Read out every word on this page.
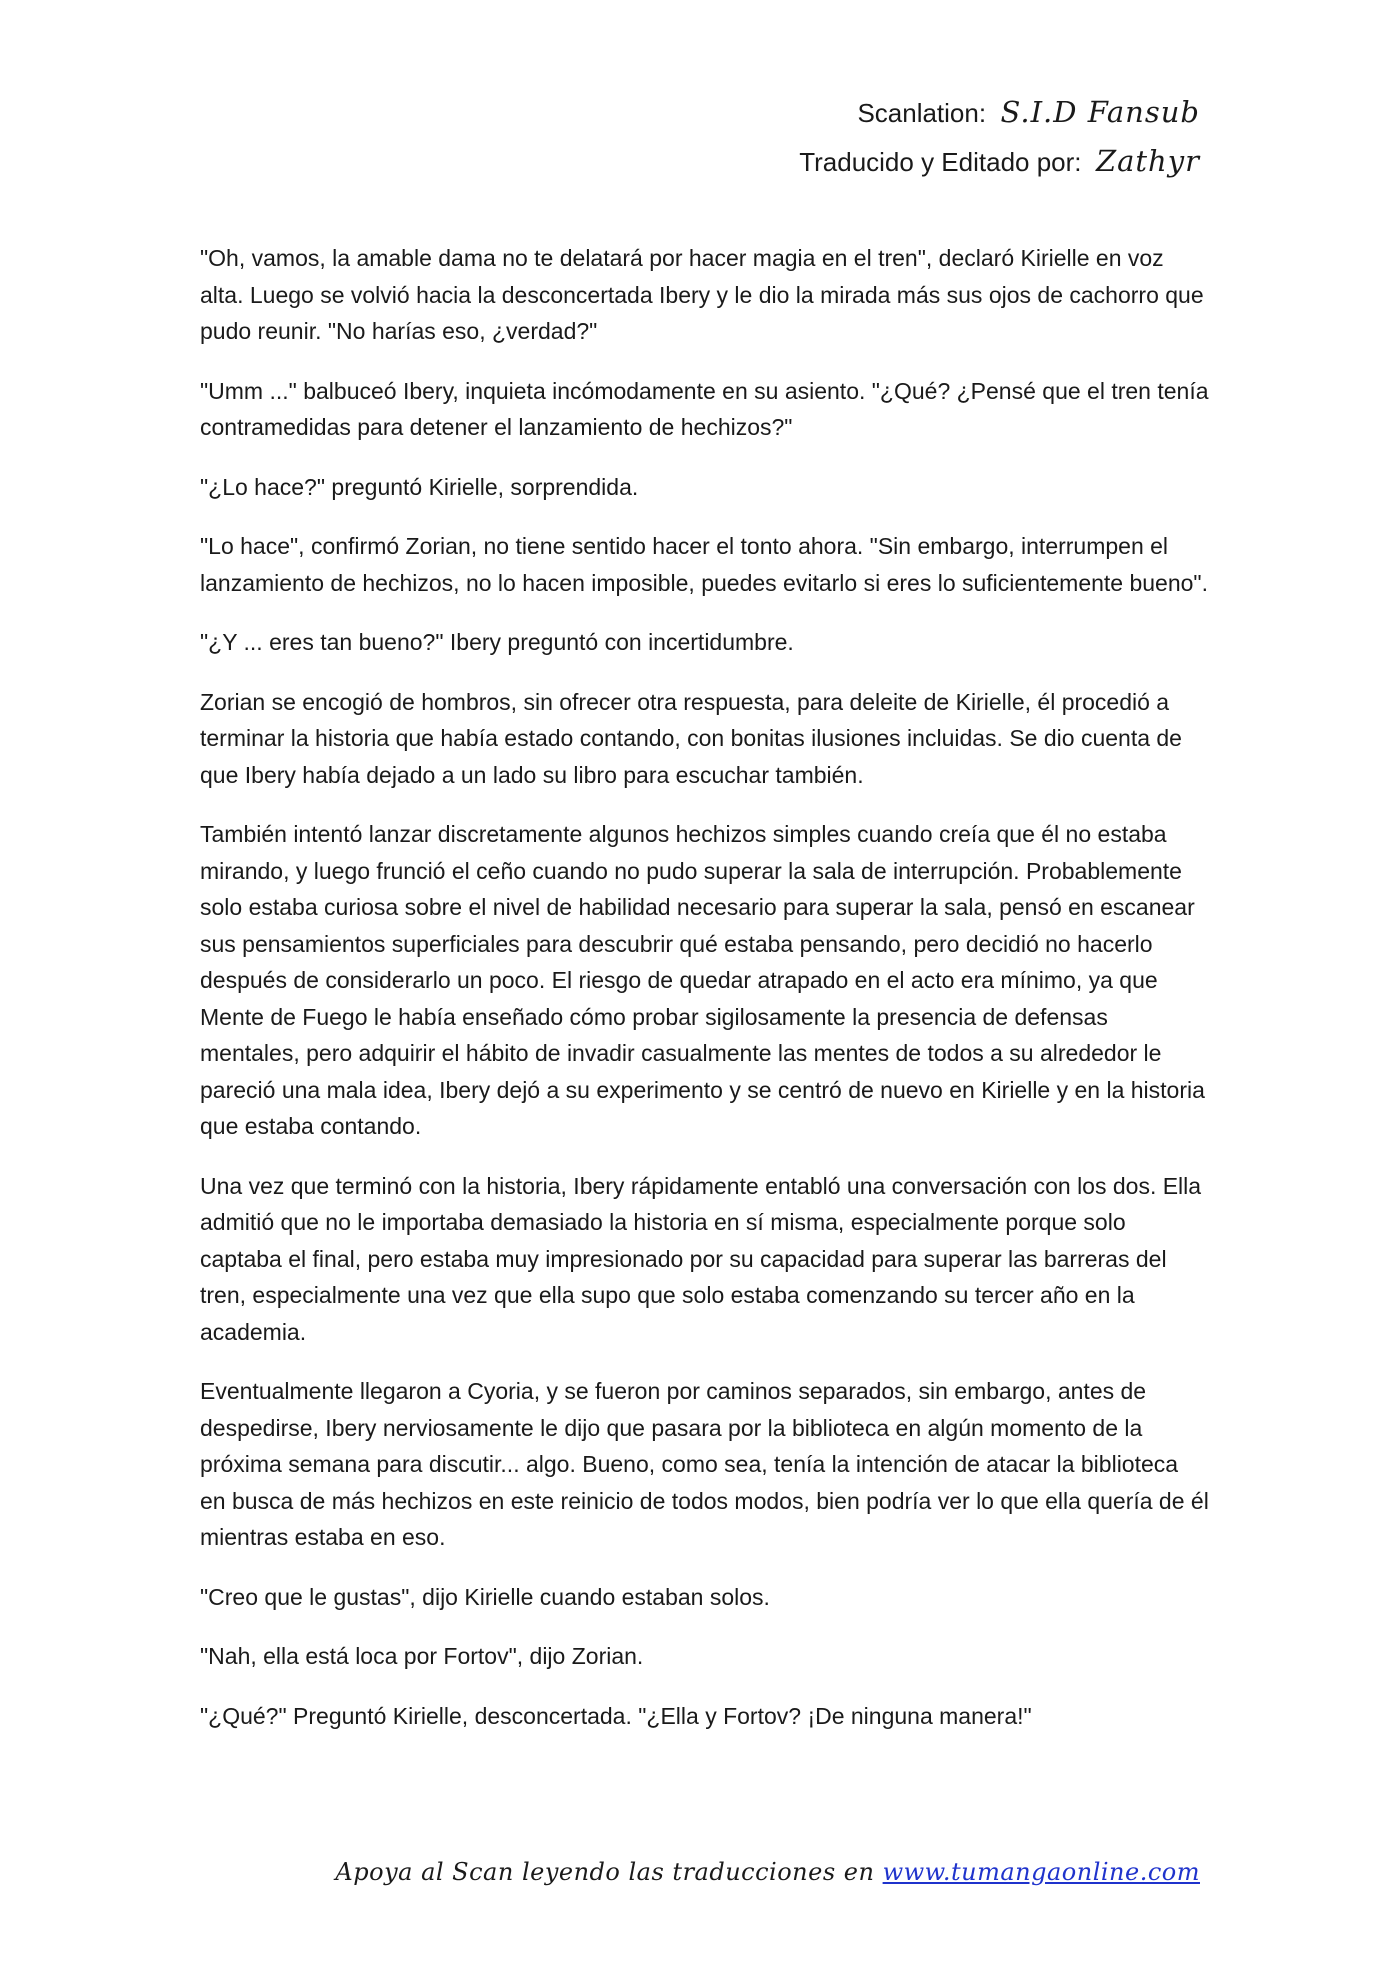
Scanlation: S.I.D Fansub
Traducido y Editado por: Zathyr

"Oh, vamos, la amable dama no te delatará por hacer magia en el tren", declaró Kirielle en voz alta. Luego se volvió hacia la desconcertada Ibery y le dio la mirada más sus ojos de cachorro que pudo reunir. "No harías eso, ¿verdad?"

"Umm ..." balbuceó Ibery, inquieta incómodamente en su asiento. "¿Qué? ¿Pensé que el tren tenía contramedidas para detener el lanzamiento de hechizos?"

"¿Lo hace?" preguntó Kirielle, sorprendida.

"Lo hace", confirmó Zorian, no tiene sentido hacer el tonto ahora. "Sin embargo, interrumpen el lanzamiento de hechizos, no lo hacen imposible, puedes evitarlo si eres lo suficientemente bueno".

"¿Y ... eres tan bueno?" Ibery preguntó con incertidumbre.

Zorian se encogió de hombros, sin ofrecer otra respuesta, para deleite de Kirielle, él procedió a terminar la historia que había estado contando, con bonitas ilusiones incluidas. Se dio cuenta de que Ibery había dejado a un lado su libro para escuchar también.

También intentó lanzar discretamente algunos hechizos simples cuando creía que él no estaba mirando, y luego frunció el ceño cuando no pudo superar la sala de interrupción. Probablemente solo estaba curiosa sobre el nivel de habilidad necesario para superar la sala, pensó en escanear sus pensamientos superficiales para descubrir qué estaba pensando, pero decidió no hacerlo después de considerarlo un poco. El riesgo de quedar atrapado en el acto era mínimo, ya que Mente de Fuego le había enseñado cómo probar sigilosamente la presencia de defensas mentales, pero adquirir el hábito de invadir casualmente las mentes de todos a su alrededor le pareció una mala idea, Ibery dejó a su experimento y se centró de nuevo en Kirielle y en la historia que estaba contando.

Una vez que terminó con la historia, Ibery rápidamente entabló una conversación con los dos. Ella admitió que no le importaba demasiado la historia en sí misma, especialmente porque solo captaba el final, pero estaba muy impresionado por su capacidad para superar las barreras del tren, especialmente una vez que ella supo que solo estaba comenzando su tercer año en la academia.

Eventualmente llegaron a Cyoria, y se fueron por caminos separados, sin embargo, antes de despedirse, Ibery nerviosamente le dijo que pasara por la biblioteca en algún momento de la próxima semana para discutir... algo. Bueno, como sea, tenía la intención de atacar la biblioteca en busca de más hechizos en este reinicio de todos modos, bien podría ver lo que ella quería de él mientras estaba en eso.

"Creo que le gustas", dijo Kirielle cuando estaban solos.

"Nah, ella está loca por Fortov", dijo Zorian.

"¿Qué?" Preguntó Kirielle, desconcertada. "¿Ella y Fortov? ¡De ninguna manera!"

Apoya al Scan leyendo las traducciones en www.tumangaonline.com
